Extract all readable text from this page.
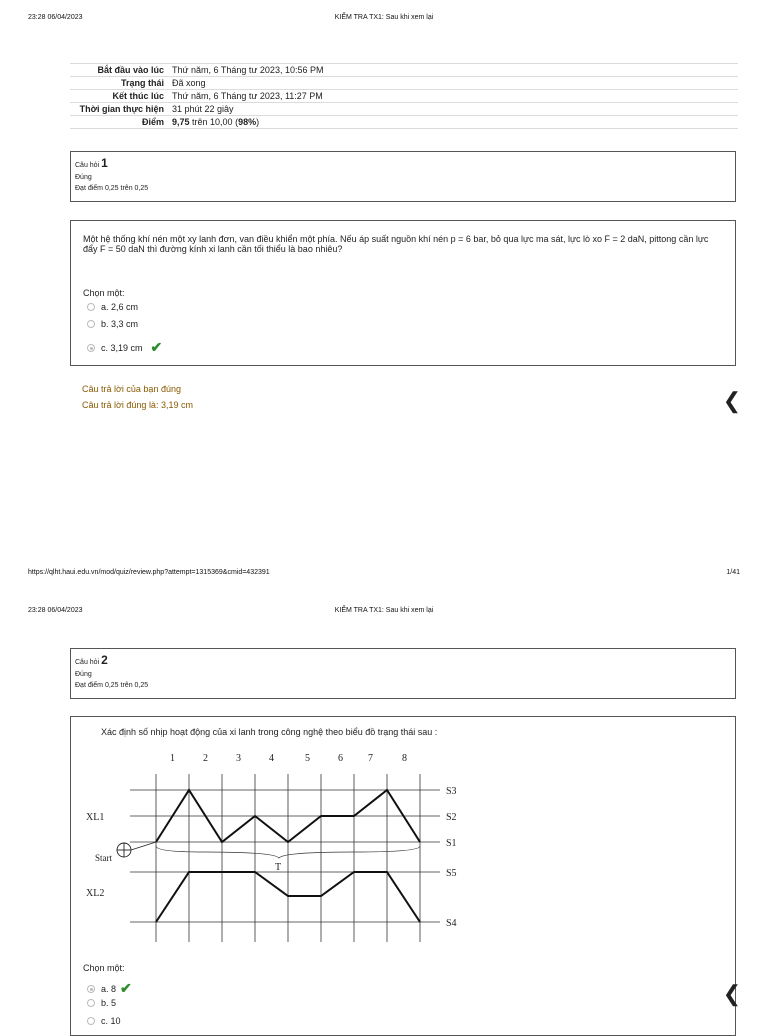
23:28 06/04/2023	KIỂM TRA TX1: Sau khi xem lại
Bắt đầu vào lúc Thứ năm, 6 Tháng tư 2023, 10:56 PM
Trạng thái Đã xong
Kết thúc lúc Thứ năm, 6 Tháng tư 2023, 11:27 PM
Thời gian thực hiện 31 phút 22 giây
Điểm 9,75 trên 10,00 (98%)
Câu hỏi 1
Đúng
Đạt điểm 0,25 trên 0,25
Một hệ thống khí nén một xy lanh đơn, van điều khiển một phía. Nếu áp suất nguồn khí nén p = 6 bar, bỏ qua lực ma sát, lực lò xo F = 2 daN, pittong cần lực đẩy F = 50 daN thì đường kính xi lanh cần tối thiểu là bao nhiêu?
Chọn một:
a. 2,6 cm
b. 3,3 cm
c. 3,19 cm ✔
Câu trả lời của bạn đúng
Câu trả lời đúng là: 3,19 cm	❮
https://qlht.haui.edu.vn/mod/quiz/review.php?attempt=1315369&cmid=432391	1/41
23:28 06/04/2023	KIỂM TRA TX1: Sau khi xem lại
Câu hỏi 2
Đúng
Đạt điểm 0,25 trên 0,25
Xác định số nhịp hoạt động của xi lanh trong công nghệ theo biểu đồ trạng thái sau :
Chọn một:
a. 8 ✔
b. 5
c. 10
1	2	3	4	5	6	7	8
T
XL1
Start
XL2
S3
S2
S1
S5
S4
❮
